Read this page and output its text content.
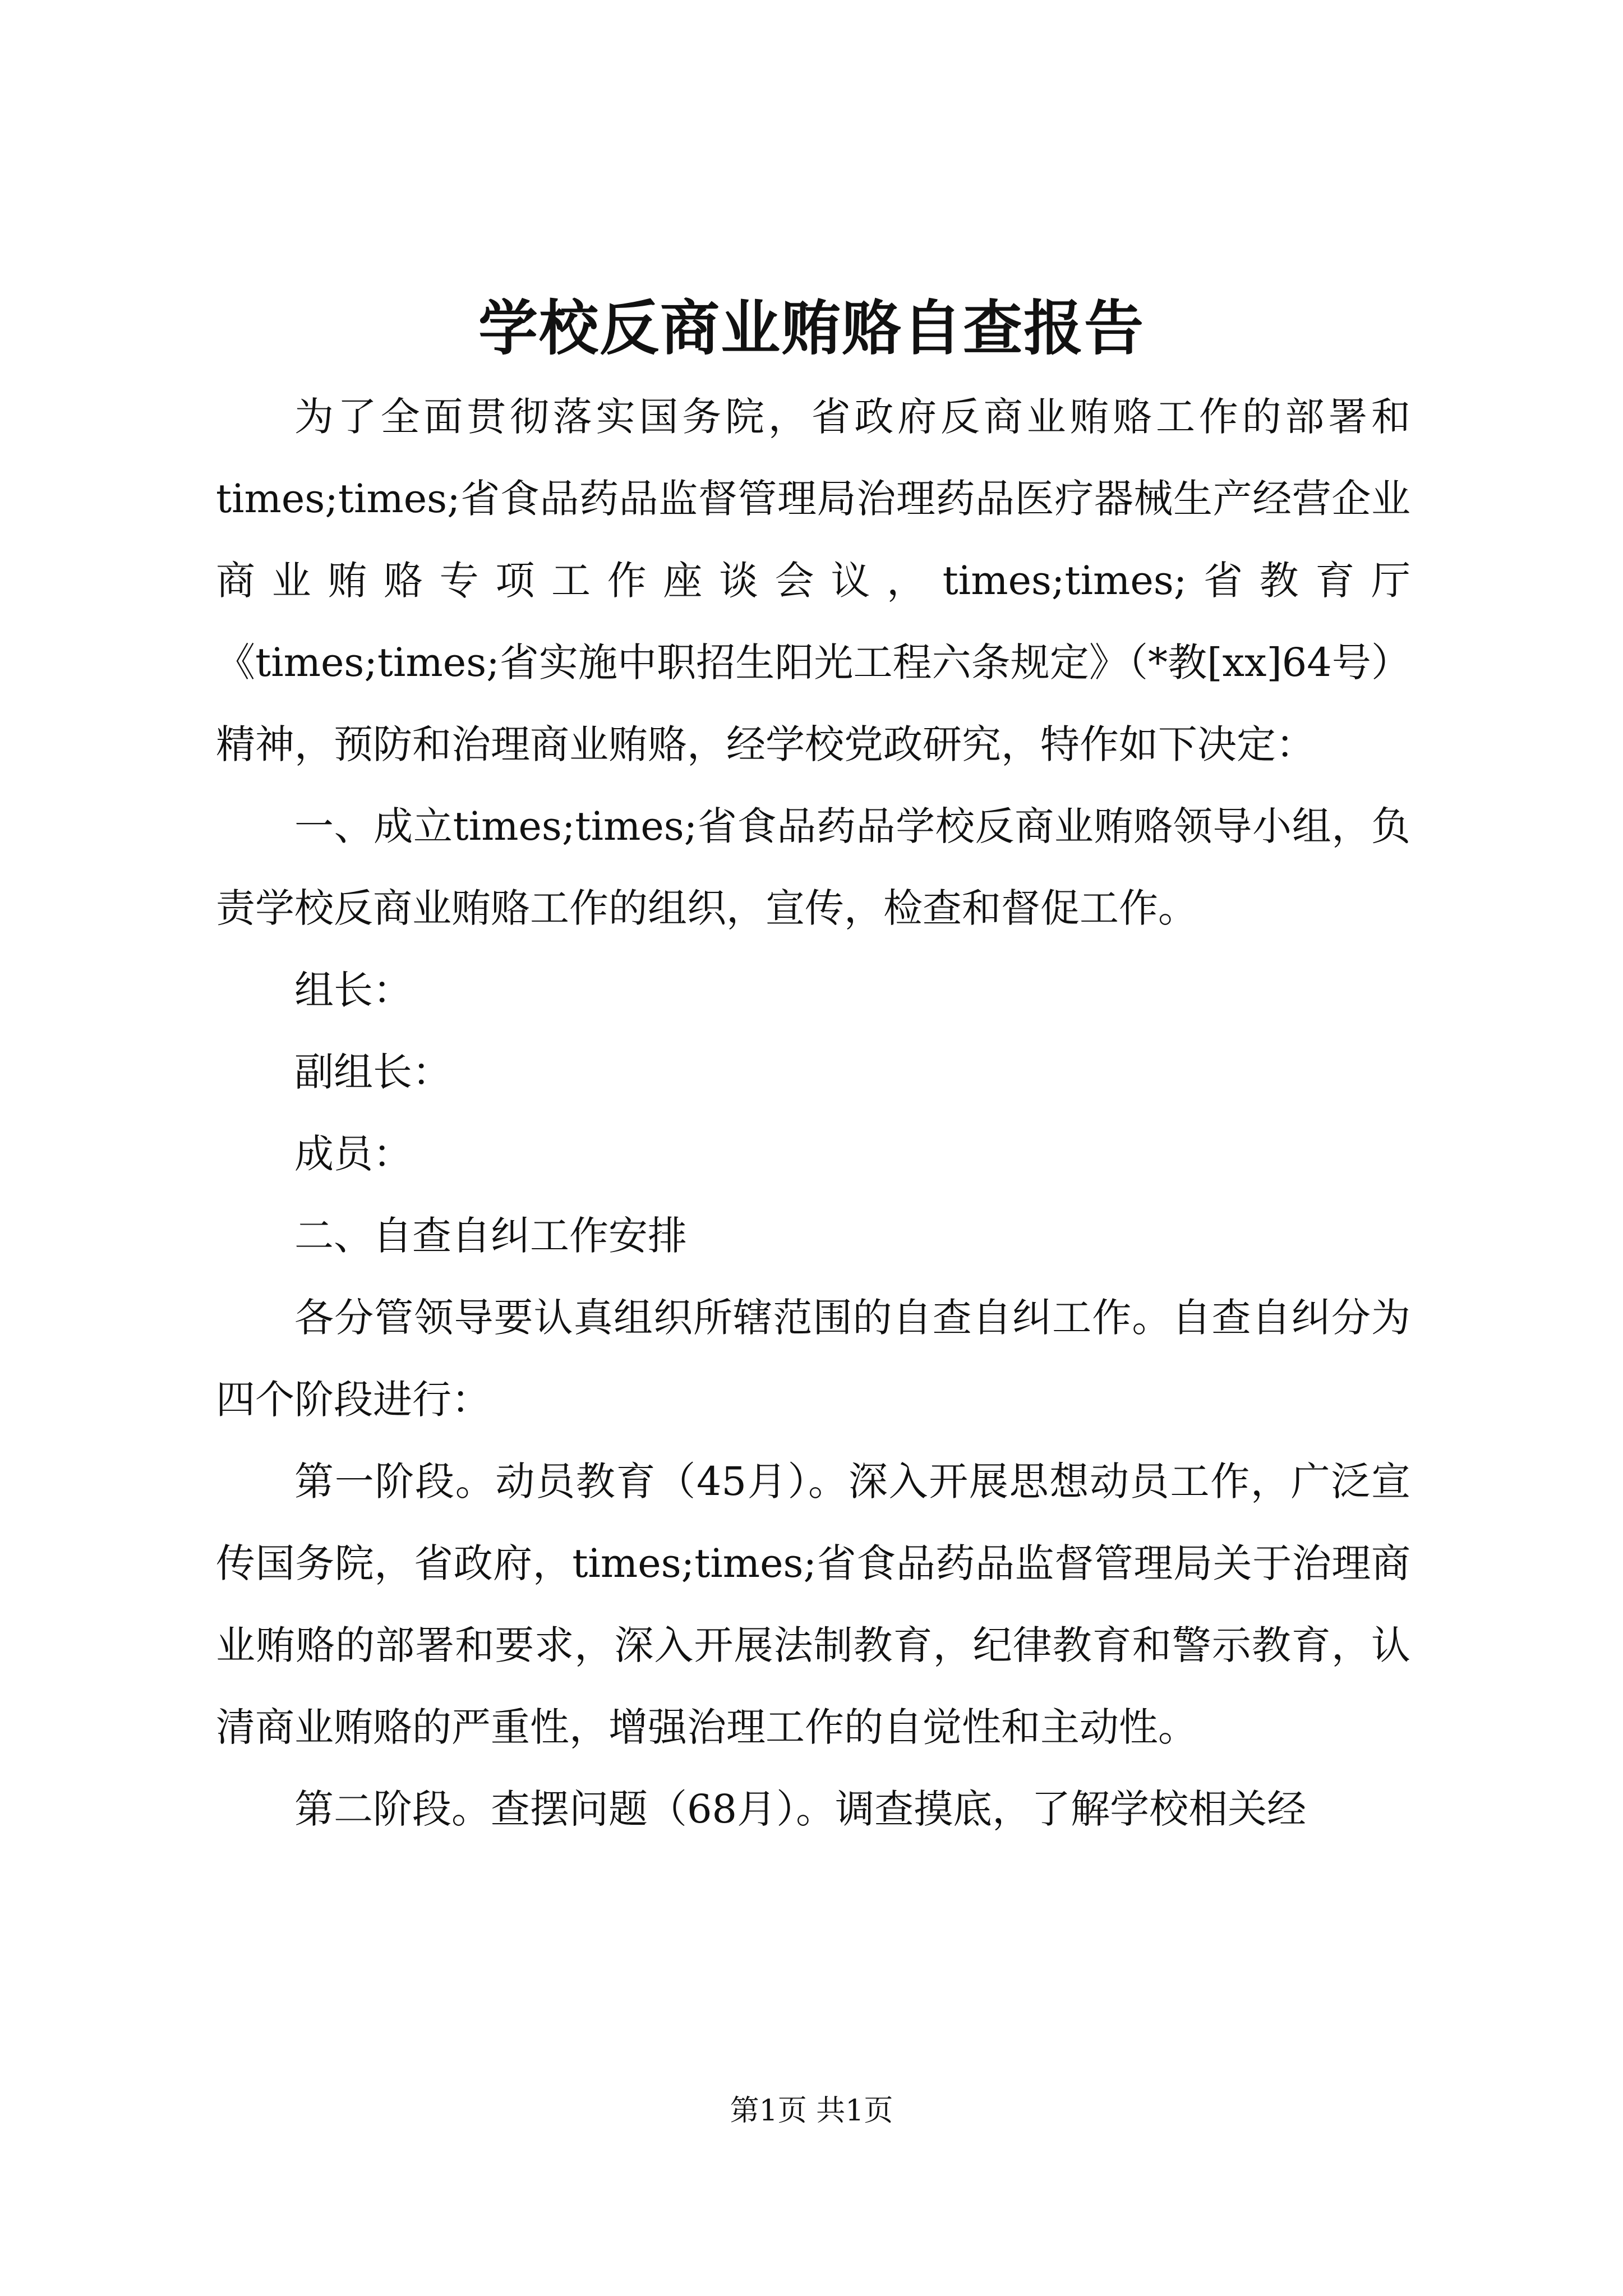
学校反商业贿赂自查报告

为了全面贯彻落实国务院，省政府反商业贿赂工作的部署和times;times;省食品药品监督管理局治理药品医疗器械生产经营企业商业贿赂专项工作座谈会议，times;times;省教育厅《times;times;省实施中职招生阳光工程六条规定》（*教[xx]64号）精神，预防和治理商业贿赂，经学校党政研究，特作如下决定：

一、成立times;times;省食品药品学校反商业贿赂领导小组，负责学校反商业贿赂工作的组织，宣传，检查和督促工作。

组长：

副组长：

成员：

二、自查自纠工作安排

各分管领导要认真组织所辖范围的自查自纠工作。自查自纠分为四个阶段进行：

第一阶段。动员教育（45月）。深入开展思想动员工作，广泛宣传国务院，省政府，times;times;省食品药品监督管理局关于治理商业贿赂的部署和要求，深入开展法制教育，纪律教育和警示教育，认清商业贿赂的严重性，增强治理工作的自觉性和主动性。

第二阶段。查摆问题（68月）。调查摸底，了解学校相关经

第1页 共1页
